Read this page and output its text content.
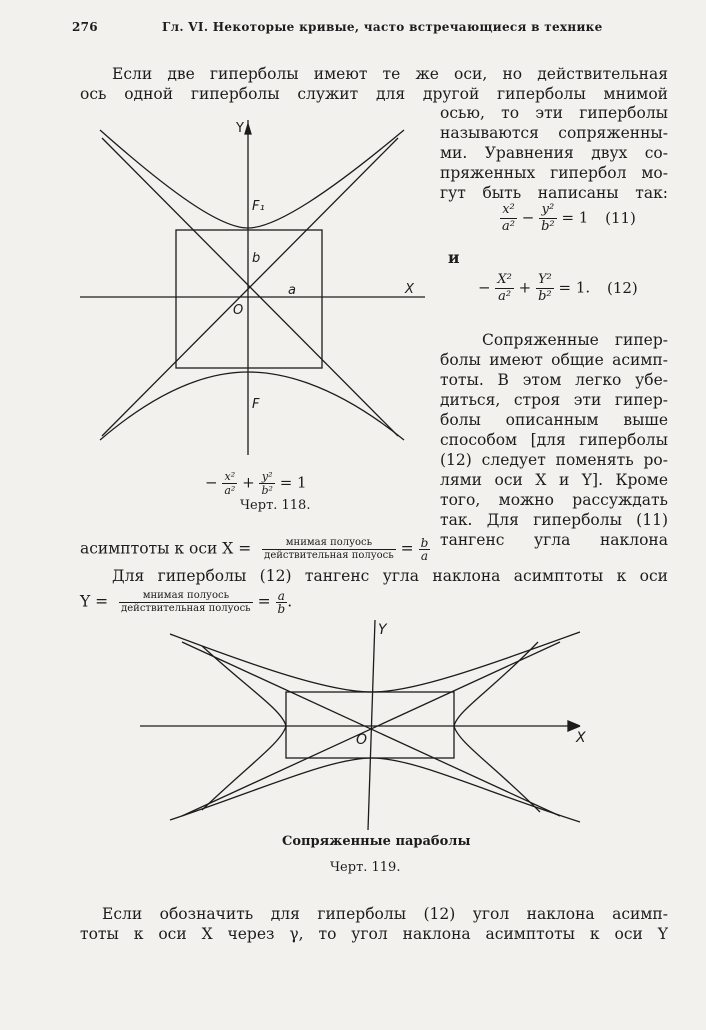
276	Гл. VI. Некоторые кривые, часто встречающиеся в технике
Если две гиперболы имеют те же оси, но действительная
ось одной гиперболы служит для другой гиперболы мнимой
осью, то эти гиперболы
называются сопряженны-
ми. Уравнения двух со-
пряженных гипербол мо-
гут быть написаны так:
$\frac{\text{x²}}{\text{a²}} - \frac{\text{y²}}{\text{b²}} = 1$ (11)
и
− $\frac{\text{X²}}{\text{a²}} + \frac{\text{Y²}}{\text{b²}} = 1$. (12)
Сопряженные гипер-
болы имеют общие асимп-
тоты. В этом легко убе-
диться, строя эти гипер-
болы описанным выше
способом [для гиперболы
(12) следует поменять ро-
лями оси X и Y]. Кроме
того, можно рассуждать
так. Для гиперболы (11)
тангенс угла наклона
асимптоты к оси $X = \frac{\text{мнимая полуось}}{\text{действительная полуось}} = \frac{b}{a}$
Для гиперболы (12) тангенс угла наклона асимптоты к оси
$Y = \frac{\text{мнимая полуось}}{\text{действительная полуось}} = \frac{a}{b}$ .
Y
X
O
a
b
F₁
F
− $\frac{\text{x²}}{\text{a²}} + \frac{\text{y²}}{\text{b²}} = 1$
Черт. 118.
Y
X
O
Сопряженные параболы
Черт. 119.
Если обозначить для гиперболы (12) угол наклона асимп-
тоты к оси X через γ, то угол наклона асимптоты к оси Y
